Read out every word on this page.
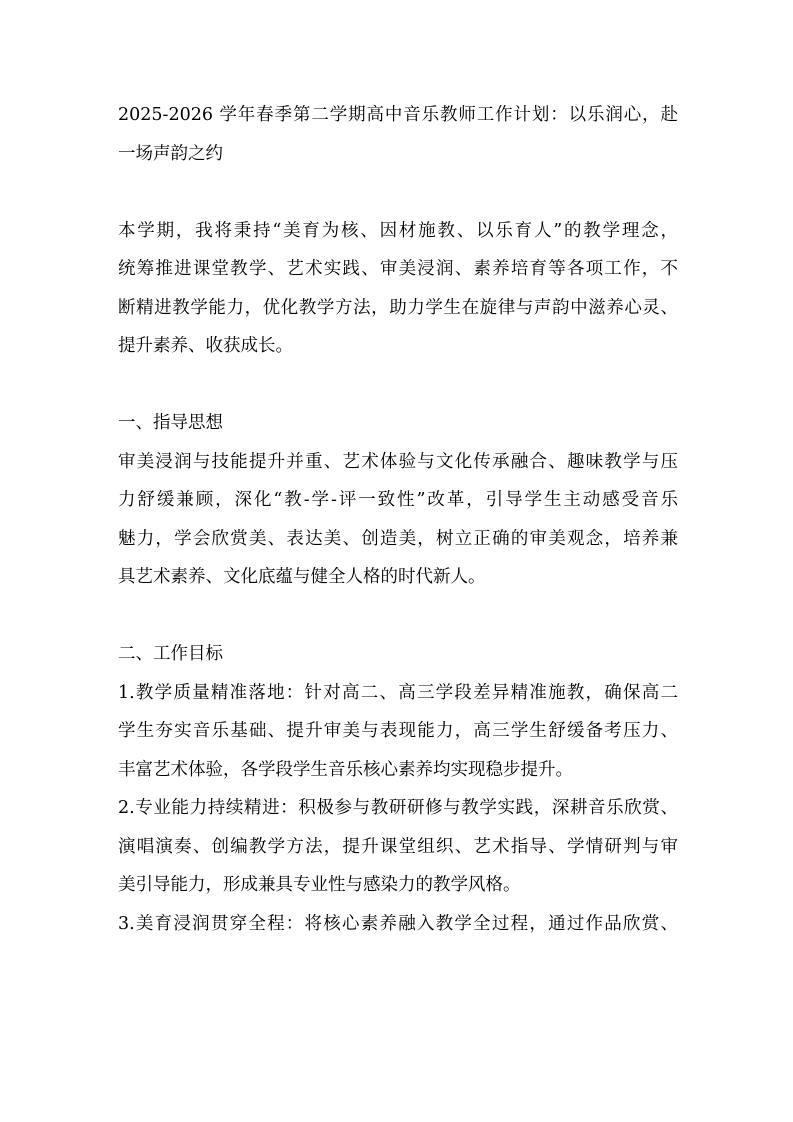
2025-2026 学年春季第二学期高中音乐教师工作计划：以乐润心，赴

一场声韵之约

本学期，我将秉持“美育为核、因材施教、以乐育人”的教学理念，

统筹推进课堂教学、艺术实践、审美浸润、素养培育等各项工作，不

断精进教学能力，优化教学方法，助力学生在旋律与声韵中滋养心灵、

提升素养、收获成长。

一、指导思想

审美浸润与技能提升并重、艺术体验与文化传承融合、趣味教学与压

力舒缓兼顾，深化“教-学-评一致性”改革，引导学生主动感受音乐

魅力，学会欣赏美、表达美、创造美，树立正确的审美观念，培养兼

具艺术素养、文化底蕴与健全人格的时代新人。

二、工作目标

1.教学质量精准落地：针对高二、高三学段差异精准施教，确保高二

学生夯实音乐基础、提升审美与表现能力，高三学生舒缓备考压力、

丰富艺术体验，各学段学生音乐核心素养均实现稳步提升。

2.专业能力持续精进：积极参与教研研修与教学实践，深耕音乐欣赏、

演唱演奏、创编教学方法，提升课堂组织、艺术指导、学情研判与审

美引导能力，形成兼具专业性与感染力的教学风格。

3.美育浸润贯穿全程：将核心素养融入教学全过程，通过作品欣赏、
